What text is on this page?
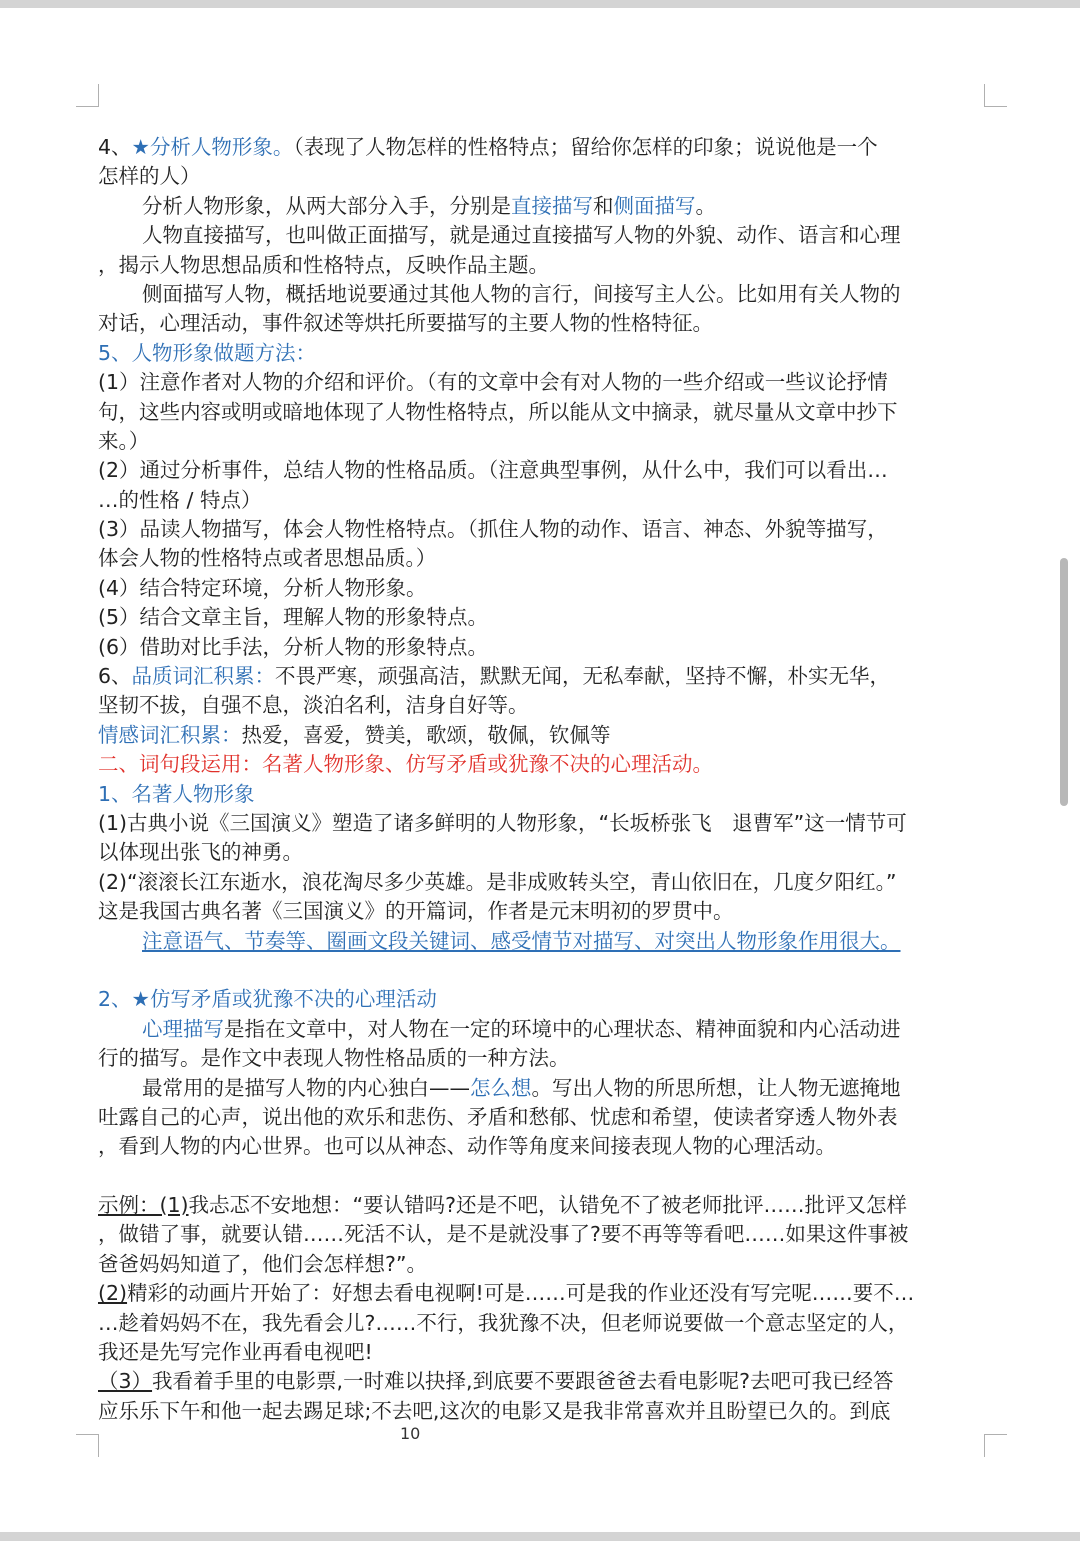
4、★分析人物形象。（表现了人物怎样的性格特点；留给你怎样的印象；说说他是一个
怎样的人）
分析人物形象，从两大部分入手，分别是直接描写和侧面描写。
人物直接描写，也叫做正面描写，就是通过直接描写人物的外貌、动作、语言和心理
，揭示人物思想品质和性格特点，反映作品主题。
侧面描写人物，概括地说要通过其他人物的言行，间接写主人公。比如用有关人物的
对话，心理活动，事件叙述等烘托所要描写的主要人物的性格特征。
5、人物形象做题方法：
(1）注意作者对人物的介绍和评价。（有的文章中会有对人物的一些介绍或一些议论抒情
句，这些内容或明或暗地体现了人物性格特点，所以能从文中摘录，就尽量从文章中抄下
来。）
(2）通过分析事件，总结人物的性格品质。（注意典型事例，从什么中，我们可以看出…
…的性格 / 特点）
(3）品读人物描写，体会人物性格特点。（抓住人物的动作、语言、神态、外貌等描写，
体会人物的性格特点或者思想品质。）
(4）结合特定环境，分析人物形象。
(5）结合文章主旨，理解人物的形象特点。
(6）借助对比手法，分析人物的形象特点。
6、品质词汇积累：不畏严寒，顽强高洁，默默无闻，无私奉献，坚持不懈，朴实无华，
坚韧不拔，自强不息，淡泊名利，洁身自好等。
情感词汇积累：热爱，喜爱，赞美，歌颂，敬佩，钦佩等
二、词句段运用：名著人物形象、仿写矛盾或犹豫不决的心理活动。
1、名著人物形象
(1)古典小说《三国演义》塑造了诸多鲜明的人物形象，“长坂桥张飞　退曹军”这一情节可
以体现出张飞的神勇。
(2)“滚滚长江东逝水，浪花淘尽多少英雄。是非成败转头空，青山依旧在，几度夕阳红。”
这是我国古典名著《三国演义》的开篇词，作者是元末明初的罗贯中。
注意语气、节奏等、圈画文段关键词、感受情节对描写、对突出人物形象作用很大。
2、★仿写矛盾或犹豫不决的心理活动
心理描写是指在文章中，对人物在一定的环境中的心理状态、精神面貌和内心活动进
行的描写。是作文中表现人物性格品质的一种方法。
最常用的是描写人物的内心独白——怎么想。写出人物的所思所想，让人物无遮掩地
吐露自己的心声，说出他的欢乐和悲伤、矛盾和愁郁、忧虑和希望，使读者穿透人物外表
，看到人物的内心世界。也可以从神态、动作等角度来间接表现人物的心理活动。
示例：(1)我忐忑不安地想：“要认错吗?还是不吧，认错免不了被老师批评……批评又怎样
，做错了事，就要认错……死活不认，是不是就没事了?要不再等等看吧……如果这件事被
爸爸妈妈知道了，他们会怎样想?”。
(2)精彩的动画片开始了：好想去看电视啊!可是……可是我的作业还没有写完呢……要不…
…趁着妈妈不在，我先看会儿?……不行，我犹豫不决，但老师说要做一个意志坚定的人，
我还是先写完作业再看电视吧!
（3）我看着手里的电影票,一时难以抉择,到底要不要跟爸爸去看电影呢?去吧可我已经答
应乐乐下午和他一起去踢足球;不去吧,这次的电影又是我非常喜欢并且盼望已久的。到底
10
